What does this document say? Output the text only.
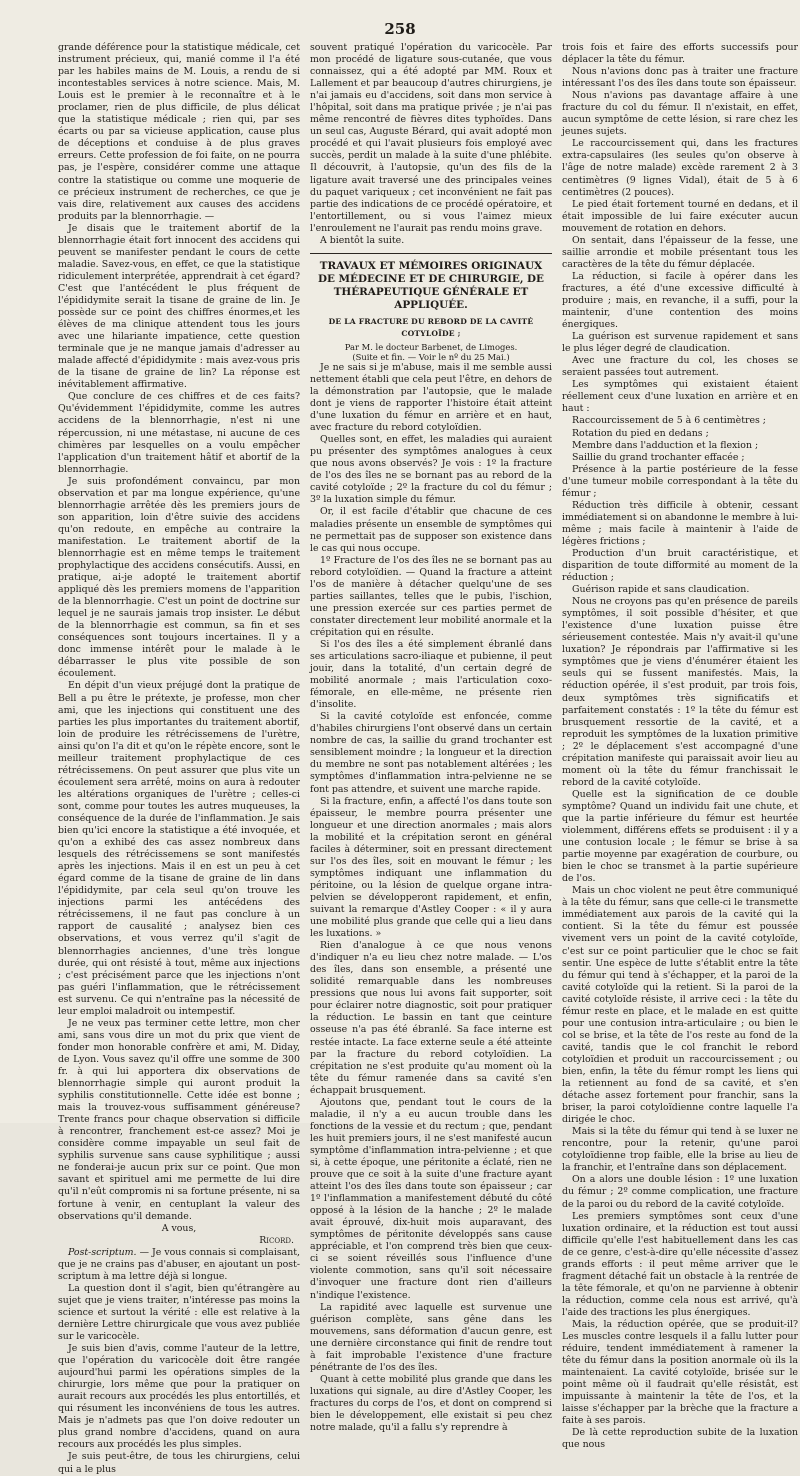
258

grande déférence pour la statistique médicale, cet instrument précieux, qui, manié comme il l'a été par les habiles mains de M. Louis, a rendu de si incontestables services à notre science. Mais, M. Louis est le premier à le reconnaître et à le proclamer, rien de plus difficile, de plus délicat que la statistique médicale ; rien qui, par ses écarts ou par sa vicieuse application, cause plus de déceptions et conduise à de plus graves erreurs. Cette profession de foi faite, on ne pourra pas, je l'espère, considérer comme une attaque contre la statistique ou comme une moquerie de ce précieux instrument de recherches, ce que je vais dire, relativement aux causes des accidens produits par la blennorrhagie. —

Je disais que le traitement abortif de la blennorrhagie était fort innocent des accidens qui peuvent se manifester pendant le cours de cette maladie. Savez-vous, en effet, ce que la statistique ridiculement interprétée, apprendrait à cet égard? C'est que l'antécédent le plus fréquent de l'épididymite serait la tisane de graine de lin. Je possède sur ce point des chiffres énormes,et les élèves de ma clinique attendent tous les jours avec une hilariante impatience, cette question terminale que je ne manque jamais d'adresser au malade affecté d'épididymite : mais avez-vous pris de la tisane de graine de lin? La réponse est inévitablement affirmative.

Que conclure de ces chiffres et de ces faits? Qu'évidemment l'épididymite, comme les autres accidens de la blennorrhagie, n'est ni une répercussion, ni une métastase, ni aucune de ces chimères par lesquelles on a voulu empêcher l'application d'un traitement hâtif et abortif de la blennorrhagie.

Je suis profondément convaincu, par mon observation et par ma longue expérience, qu'une blennorrhagie arrêtée dès les premiers jours de son apparition, loin d'être suivie des accidens qu'on redoute, en empêche au contraire la manifestation. Le traitement abortif de la blennorrhagie est en même temps le traitement prophylactique des accidens consécutifs. Aussi, en pratique, ai-je adopté le traitement abortif appliqué dès les premiers momens de l'apparition de la blennorrhagie. C'est un point de doctrine sur lequel je ne saurais jamais trop insister. Le début de la blennorrhagie est commun, sa fin et ses conséquences sont toujours incertaines. Il y a donc immense intérêt pour le malade à le débarrasser le plus vite possible de son écoulement.

En dépit d'un vieux préjugé dont la pratique de Bell a pu être le prétexte, je professe, mon cher ami, que les injections qui constituent une des parties les plus importantes du traitement abortif, loin de produire les rétrécissemens de l'urètre, ainsi qu'on l'a dit et qu'on le répète encore, sont le meilleur traitement prophylactique de ces rétrécissemens. On peut assurer que plus vite un écoulement sera arrêté, moins on aura à redouter les altérations organiques de l'urètre ; celles-ci sont, comme pour toutes les autres muqueuses, la conséquence de la durée de l'inflammation. Je sais bien qu'ici encore la statistique a été invoquée, et qu'on a exhibé des cas assez nombreux dans lesquels des rétrécissemens se sont manifestés après les injections. Mais il en est un peu à cet égard comme de la tisane de graine de lin dans l'épididymite, par cela seul qu'on trouve les injections parmi les antécédens des rétrécissemens, il ne faut pas conclure à un rapport de causalité ; analysez bien ces observations, et vous verrez qu'il s'agit de blennorrhagies anciennes, d'une très longue durée, qui ont résisté à tout, même aux injections ; c'est précisément parce que les injections n'ont pas guéri l'inflammation, que le rétrécissement est survenu. Ce qui n'entraîne pas la nécessité de leur emploi maladroit ou intempestif.

Je ne veux pas terminer cette lettre, mon cher ami, sans vous dire un mot du prix que vient de fonder mon honorable confrère et ami, M. Diday, de Lyon. Vous savez qu'il offre une somme de 300 fr. à qui lui apportera dix observations de blennorrhagie simple qui auront produit la syphilis constitutionnelle. Cette idée est bonne ; mais la trouvez-vous suffisamment généreuse? Trente francs pour chaque observation si difficile à rencontrer, franchement est-ce assez? Moi je considère comme impayable un seul fait de syphilis survenue sans cause syphilitique ; aussi ne fonderai-je aucun prix sur ce point. Que mon savant et spirituel ami me permette de lui dire qu'il n'eût compromis ni sa fortune présente, ni sa fortune à venir, en centuplant la valeur des observations qu'il demande.

A vous,
Ricord.

Post-scriptum. — Je vous connais si complaisant, que je ne crains pas d'abuser, en ajoutant un post-scriptum à ma lettre déjà si longue.

La question dont il s'agit, bien qu'étrangère au sujet que je viens traiter, n'intéresse pas moins la science et surtout la vérité : elle est relative à la dernière Lettre chirurgicale que vous avez publiée sur le varicocèle.

Je suis bien d'avis, comme l'auteur de la lettre, que l'opération du varicocèle doit être rangée aujourd'hui parmi les opérations simples de la chirurgie, lors même que pour la pratiquer on aurait recours aux procédés les plus entortillés, et qui résument les inconvéniens de tous les autres. Mais je n'admets pas que l'on doive redouter un plus grand nombre d'accidens, quand on aura recours aux procédés les plus simples.

Je suis peut-être, de tous les chirurgiens, celui qui a le plus

souvent pratiqué l'opération du varicocèle. Par mon procédé de ligature sous-cutanée, que vous connaissez, qui a été adopté par MM. Roux et Lallement et par beaucoup d'autres chirurgiens, je n'ai jamais eu d'accidens, soit dans mon service à l'hôpital, soit dans ma pratique privée ; je n'ai pas même rencontré de fièvres dites typhoïdes. Dans un seul cas, Auguste Bérard, qui avait adopté mon procédé et qui l'avait plusieurs fois employé avec succès, perdit un malade à la suite d'une phlébite. Il découvrit, à l'autopsie, qu'un des fils de la ligature avait traversé une des principales veines du paquet variqueux ; cet inconvénient ne fait pas partie des indications de ce procédé opératoire, et l'entortillement, ou si vous l'aimez mieux l'enroulement ne l'aurait pas rendu moins grave.

A bientôt la suite.

TRAVAUX ET MÉMOIRES ORIGINAUX DE MÉDECINE ET DE CHIRURGIE, DE THÉRAPEUTIQUE GÉNÉRALE ET APPLIQUÉE.
DE LA FRACTURE DU REBORD DE LA CAVITÉ COTYLOÏDE ;
Par M. le docteur Barbenet, de Limoges.
(Suite et fin. — Voir le nº du 25 Mai.)

Je ne sais si je m'abuse, mais il me semble aussi nettement établi que cela peut l'être, en dehors de la démonstration par l'autopsie, que le malade dont je viens de rapporter l'histoire était atteint d'une luxation du fémur en arrière et en haut, avec fracture du rebord cotyloïdien.

Quelles sont, en effet, les maladies qui auraient pu présenter des symptômes analogues à ceux que nous avons observés? Je vois : 1º la fracture de l'os des îles ne se bornant pas au rebord de la cavité cotyloïde ; 2º la fracture du col du fémur ; 3º la luxation simple du fémur.

Or, il est facile d'établir que chacune de ces maladies présente un ensemble de symptômes qui ne permettait pas de supposer son existence dans le cas qui nous occupe.

1º Fracture de l'os des îles ne se bornant pas au rebord cotyloïdien. — Quand la fracture a atteint l'os de manière à détacher quelqu'une de ses parties saillantes, telles que le pubis, l'ischion, une pression exercée sur ces parties permet de constater directement leur mobilité anormale et la crépitation qui en résulte.

Si l'os des îles a été simplement ébranlé dans ses articulations sacro-iliaque et pubienne, il peut jouir, dans la totalité, d'un certain degré de mobilité anormale ; mais l'articulation coxo-fémorale, en elle-même, ne présente rien d'insolite.

Si la cavité cotyloïde est enfoncée, comme d'habiles chirurgiens l'ont observé dans un certain nombre de cas, la saillie du grand trochanter est sensiblement moindre ; la longueur et la direction du membre ne sont pas notablement altérées ; les symptômes d'inflammation intra-pelvienne ne se font pas attendre, et suivent une marche rapide.

Si la fracture, enfin, a affecté l'os dans toute son épaisseur, le membre pourra présenter une longueur et une direction anormales ; mais alors la mobilité et la crépitation seront en général faciles à déterminer, soit en pressant directement sur l'os des îles, soit en mouvant le fémur ; les symptômes indiquant une inflammation du péritoine, ou la lésion de quelque organe intra-pelvien se développeront rapidement, et enfin, suivant la remarque d'Astley Cooper : « il y aura une mobilité plus grande que celle qui a lieu dans les luxations. »

Rien d'analogue à ce que nous venons d'indiquer n'a eu lieu chez notre malade. — L'os des îles, dans son ensemble, a présenté une solidité remarquable dans les nombreuses pressions que nous lui avons fait supporter, soit pour éclairer notre diagnostic, soit pour pratiquer la réduction. Le bassin en tant que ceinture osseuse n'a pas été ébranlé. Sa face interne est restée intacte. La face externe seule a été atteinte par la fracture du rebord cotyloïdien. La crépitation ne s'est produite qu'au moment où la tête du fémur ramenée dans sa cavité s'en échappait brusquement.

Ajoutons que, pendant tout le cours de la maladie, il n'y a eu aucun trouble dans les fonctions de la vessie et du rectum ; que, pendant les huit premiers jours, il ne s'est manifesté aucun symptôme d'inflammation intra-pelvienne ; et que si, à cette époque, une péritonite a éclaté, rien ne prouve que ce soit à la suite d'une fracture ayant atteint l'os des îles dans toute son épaisseur ; car 1º l'inflammation a manifestement débuté du côté opposé à la lésion de la hanche ; 2º le malade avait éprouvé, dix-huit mois auparavant, des symptômes de péritonite développés sans cause appréciable, et l'on comprend très bien que ceux-ci se soient réveillés sous l'influence d'une violente commotion, sans qu'il soit nécessaire d'invoquer une fracture dont rien d'ailleurs n'indique l'existence.

La rapidité avec laquelle est survenue une guérison complète, sans gêne dans les mouvemens, sans déformation d'aucun genre, est une dernière circonstance qui finit de rendre tout à fait improbable l'existence d'une fracture pénétrante de l'os des îles.

Quant à cette mobilité plus grande que dans les luxations qui signale, au dire d'Astley Cooper, les fractures du corps de l'os, et dont on comprend si bien le développement, elle existait si peu chez notre malade, qu'il a fallu s'y reprendre à

trois fois et faire des efforts successifs pour déplacer la tête du fémur.

Nous n'avions donc pas à traiter une fracture intéressant l'os des îles dans toute son épaisseur.

Nous n'avions pas davantage affaire à une fracture du col du fémur. Il n'existait, en effet, aucun symptôme de cette lésion, si rare chez les jeunes sujets.

Le raccourcissement qui, dans les fractures extra-capsulaires (les seules qu'on observe à l'âge de notre malade) excède rarement 2 à 3 centimètres (9 lignes Vidal), était de 5 à 6 centimètres (2 pouces).

Le pied était fortement tourné en dedans, et il était impossible de lui faire exécuter aucun mouvement de rotation en dehors.

On sentait, dans l'épaisseur de la fesse, une saillie arrondie et mobile présentant tous les caractères de la tête du fémur déplacée.

La réduction, si facile à opérer dans les fractures, a été d'une excessive difficulté à produire ; mais, en revanche, il a suffi, pour la maintenir, d'une contention des moins énergiques.

La guérison est survenue rapidement et sans le plus léger degré de claudication.

Avec une fracture du col, les choses se seraient passées tout autrement.

Les symptômes qui existaient étaient réellement ceux d'une luxation en arrière et en haut :

Raccourcissement de 5 à 6 centimètres ;

Rotation du pied en dedans ;

Membre dans l'adduction et la flexion ;

Saillie du grand trochanter effacée ;

Présence à la partie postérieure de la fesse d'une tumeur mobile correspondant à la tête du fémur ;

Réduction très difficile à obtenir, cessant immédiatement si on abandonne le membre à lui-même ; mais facile à maintenir à l'aide de légères frictions ;

Production d'un bruit caractéristique, et disparition de toute difformité au moment de la réduction ;

Guérison rapide et sans claudication.

Nous ne croyons pas qu'en présence de pareils symptômes, il soit possible d'hésiter, et que l'existence d'une luxation puisse être sérieusement contestée. Mais n'y avait-il qu'une luxation? Je répondrais par l'affirmative si les symptômes que je viens d'énumérer étaient les seuls qui se fussent manifestés. Mais, la réduction opérée, il s'est produit, par trois fois, deux symptômes très significatifs et parfaitement constatés : 1º la tête du fémur est brusquement ressortie de la cavité, et a reproduit les symptômes de la luxation primitive ; 2º le déplacement s'est accompagné d'une crépitation manifeste qui paraissait avoir lieu au moment où la tête du fémur franchissait le rebord de la cavité cotyloïde.

Quelle est la signification de ce double symptôme? Quand un individu fait une chute, et que la partie inférieure du fémur est heurtée violemment, différens effets se produisent : il y a une contusion locale ; le fémur se brise à sa partie moyenne par exagération de courbure, ou bien le choc se transmet à la partie supérieure de l'os.

Mais un choc violent ne peut être communiqué à la tête du fémur, sans que celle-ci le transmette immédiatement aux parois de la cavité qui la contient. Si la tête du fémur est poussée vivement vers un point de la cavité cotyloïde, c'est sur ce point particulier que le choc se fait sentir. Une espèce de lutte s'établit entre la tête du fémur qui tend à s'échapper, et la paroi de la cavité cotyloïde qui la retient. Si la paroi de la cavité cotyloïde résiste, il arrive ceci : la tête du fémur reste en place, et le malade en est quitte pour une contusion intra-articulaire ; ou bien le col se brise, et la tête de l'os reste au fond de la cavité, tandis que le col franchit le rebord cotyloïdien et produit un raccourcissement ; ou bien, enfin, la tête du fémur rompt les liens qui la retiennent au fond de sa cavité, et s'en détache assez fortement pour franchir, sans la briser, la paroi cotyloïdienne contre laquelle l'a dirigée le choc.

Mais si la tête du fémur qui tend à se luxer ne rencontre, pour la retenir, qu'une paroi cotyloïdienne trop faible, elle la brise au lieu de la franchir, et l'entraîne dans son déplacement.

On a alors une double lésion : 1º une luxation du fémur ; 2º comme complication, une fracture de la paroi ou du rebord de la cavité cotyloïde.

Les premiers symptômes sont ceux d'une luxation ordinaire, et la réduction est tout aussi difficile qu'elle l'est habituellement dans les cas de ce genre, c'est-à-dire qu'elle nécessite d'assez grands efforts : il peut même arriver que le fragment détaché fait un obstacle à la rentrée de la tête fémorale, et qu'on ne parvienne à obtenir la réduction, comme cela nous est arrivé, qu'à l'aide des tractions les plus énergiques.

Mais, la réduction opérée, que se produit-il? Les muscles contre lesquels il a fallu lutter pour réduire, tendent immédiatement à ramener la tête du fémur dans la position anormale où ils la maintenaient. La cavité cotyloïde, brisée sur le point même où il faudrait qu'elle résistât, est impuissante à maintenir la tête de l'os, et la laisse s'échapper par la brèche que la fracture a faite à ses parois.

De là cette reproduction subite de la luxation que nous
